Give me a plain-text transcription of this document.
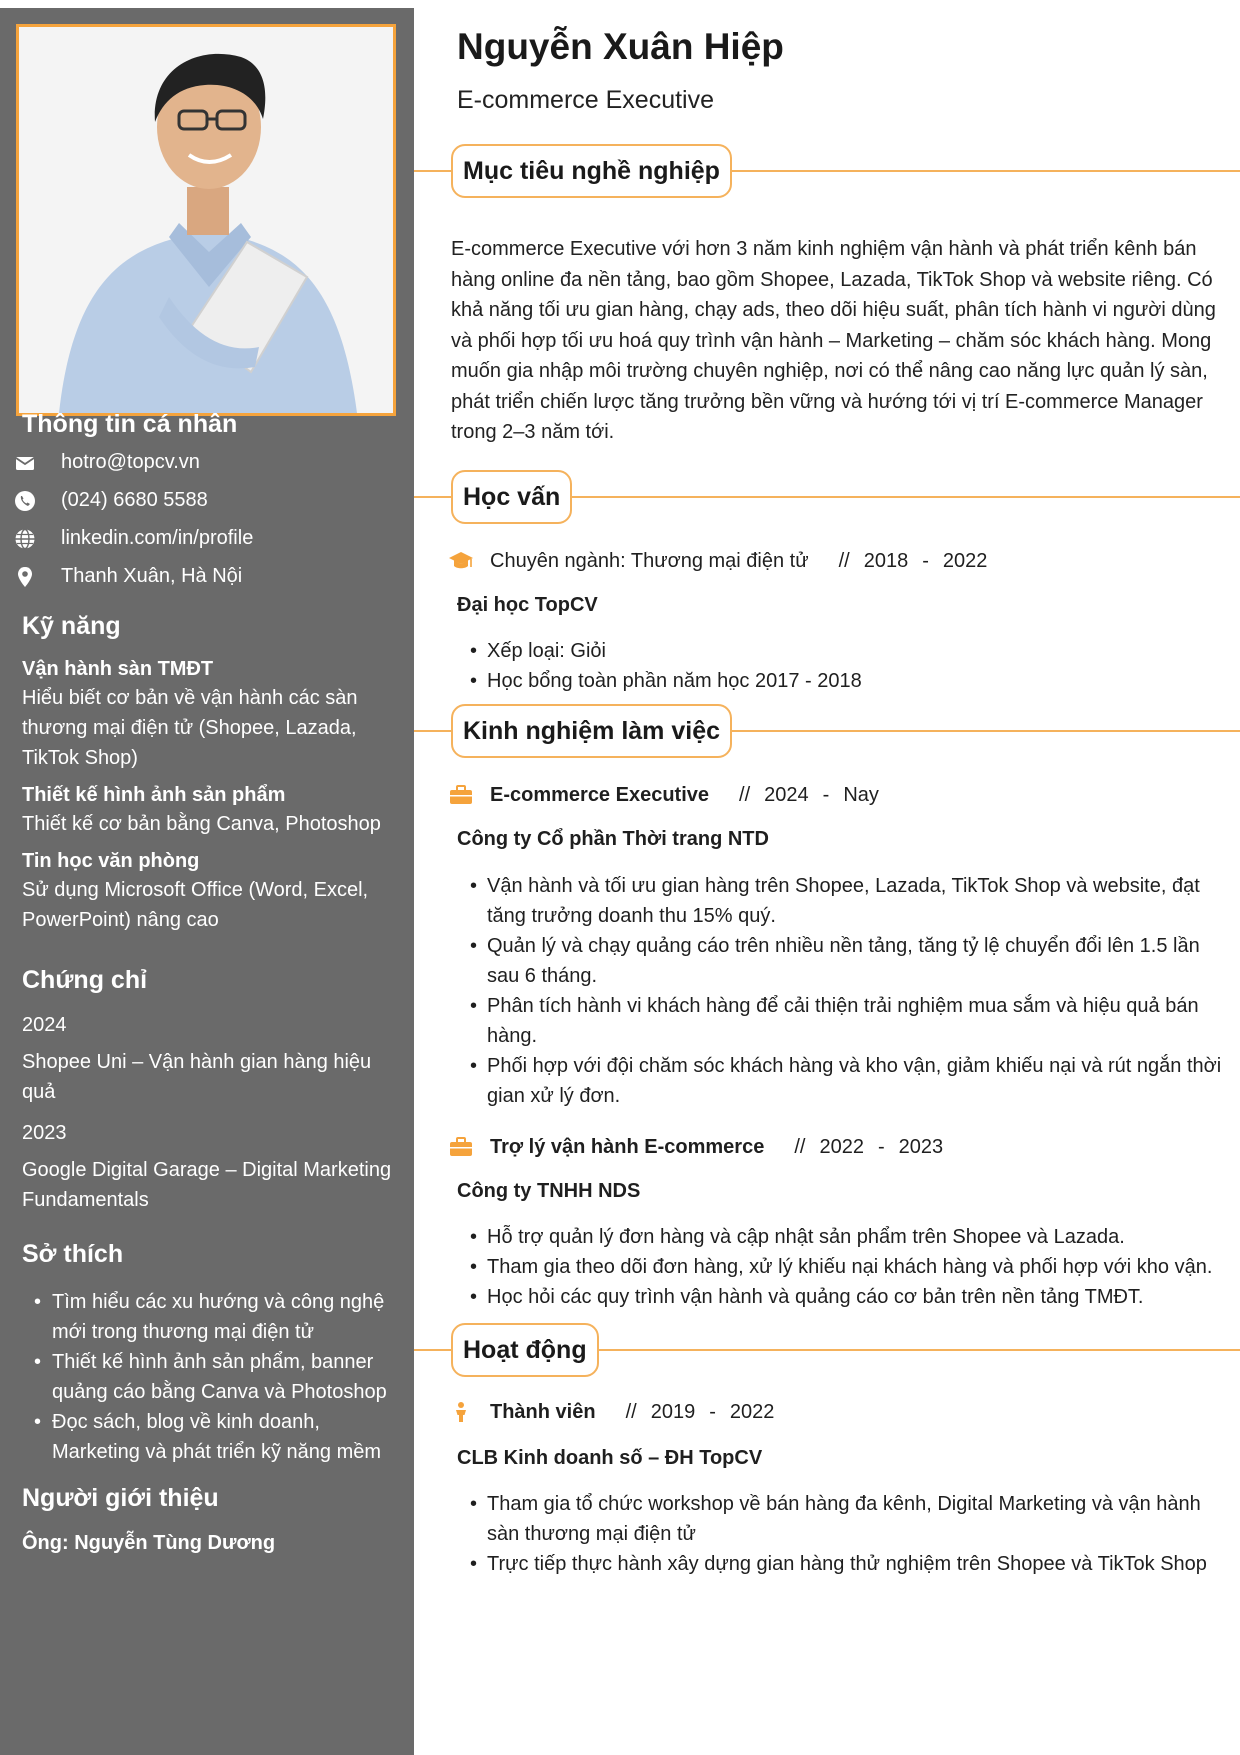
Thông tin cá nhân
hotro@topcv.vn
(024) 6680 5588
linkedin.com/in/profile
Thanh Xuân, Hà Nội
Kỹ năng
Vận hành sàn TMĐT
Hiểu biết cơ bản về vận hành các sàn thương mại điện tử (Shopee, Lazada, TikTok Shop)
Thiết kế hình ảnh sản phẩm
Thiết kế cơ bản bằng Canva, Photoshop
Tin học văn phòng
Sử dụng Microsoft Office (Word, Excel, PowerPoint) nâng cao
Chứng chỉ
2024
Shopee Uni – Vận hành gian hàng hiệu quả
2023
Google Digital Garage – Digital Marketing Fundamentals
Sở thích
• Tìm hiểu các xu hướng và công nghệ mới trong thương mại điện tử
• Thiết kế hình ảnh sản phẩm, banner quảng cáo bằng Canva và Photoshop
• Đọc sách, blog về kinh doanh, Marketing và phát triển kỹ năng mềm
Người giới thiệu
Ông: Nguyễn Tùng Dương
Nguyễn Xuân Hiệp
E-commerce Executive
Mục tiêu nghề nghiệp
E-commerce Executive với hơn 3 năm kinh nghiệm vận hành và phát triển kênh bán hàng online đa nền tảng, bao gồm Shopee, Lazada, TikTok Shop và website riêng. Có khả năng tối ưu gian hàng, chạy ads, theo dõi hiệu suất, phân tích hành vi người dùng và phối hợp tối ưu hoá quy trình vận hành – Marketing – chăm sóc khách hàng. Mong muốn gia nhập môi trường chuyên nghiệp, nơi có thể nâng cao năng lực quản lý sàn, phát triển chiến lược tăng trưởng bền vững và hướng tới vị trí E-commerce Manager trong 2–3 năm tới.
Học vấn
Chuyên ngành: Thương mại điện tử // 2018 - 2022
Đại học TopCV
• Xếp loại: Giỏi
• Học bổng toàn phần năm học 2017 - 2018
Kinh nghiệm làm việc
E-commerce Executive // 2024 - Nay
Công ty Cổ phần Thời trang NTD
• Vận hành và tối ưu gian hàng trên Shopee, Lazada, TikTok Shop và website, đạt tăng trưởng doanh thu 15% quý.
• Quản lý và chạy quảng cáo trên nhiều nền tảng, tăng tỷ lệ chuyển đổi lên 1.5 lần sau 6 tháng.
• Phân tích hành vi khách hàng để cải thiện trải nghiệm mua sắm và hiệu quả bán hàng.
• Phối hợp với đội chăm sóc khách hàng và kho vận, giảm khiếu nại và rút ngắn thời gian xử lý đơn.
Trợ lý vận hành E-commerce // 2022 - 2023
Công ty TNHH NDS
• Hỗ trợ quản lý đơn hàng và cập nhật sản phẩm trên Shopee và Lazada.
• Tham gia theo dõi đơn hàng, xử lý khiếu nại khách hàng và phối hợp với kho vận.
• Học hỏi các quy trình vận hành và quảng cáo cơ bản trên nền tảng TMĐT.
Hoạt động
Thành viên // 2019 - 2022
CLB Kinh doanh số – ĐH TopCV
• Tham gia tổ chức workshop về bán hàng đa kênh, Digital Marketing và vận hành sàn thương mại điện tử
• Trực tiếp thực hành xây dựng gian hàng thử nghiệm trên Shopee và TikTok Shop
